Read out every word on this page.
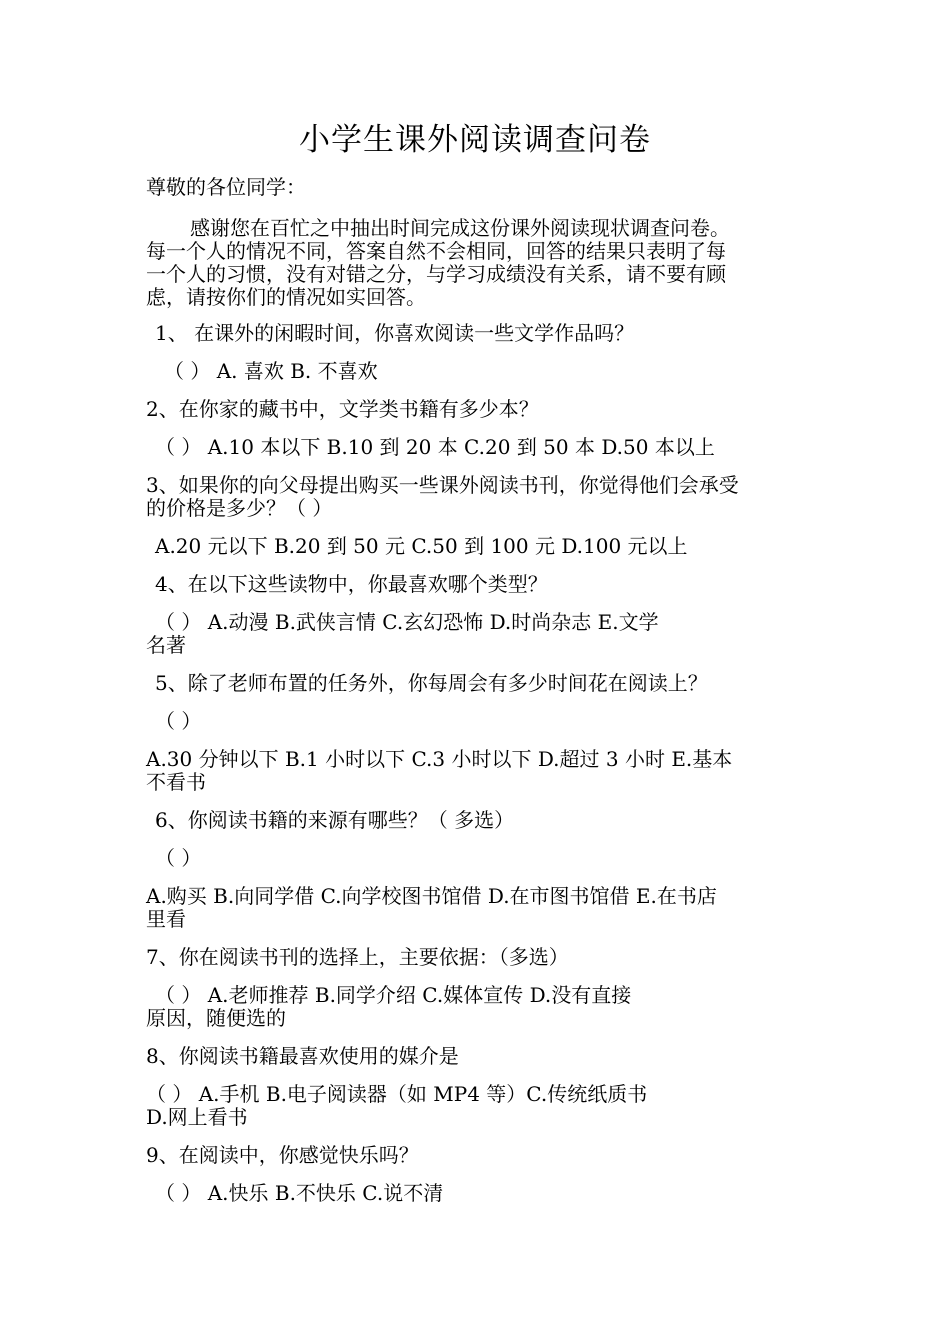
小学生课外阅读调查问卷
尊敬的各位同学：
感谢您在百忙之中抽出时间完成这份课外阅读现状调查问卷。
每一个人的情况不同，答案自然不会相同，回答的结果只表明了每
一个人的习惯，没有对错之分，与学习成绩没有关系，请不要有顾
虑，请按你们的情况如实回答。
1、 在课外的闲暇时间，你喜欢阅读一些文学作品吗？
（ ） A. 喜欢 B. 不喜欢
2、在你家的藏书中，文学类书籍有多少本？
（ ） A.10 本以下 B.10 到 20 本 C.20 到 50 本 D.50 本以上
3、如果你的向父母提出购买一些课外阅读书刊，你觉得他们会承受
的价格是多少？（ ）
A.20 元以下 B.20 到 50 元 C.50 到 100 元 D.100 元以上
4、在以下这些读物中，你最喜欢哪个类型？
（ ） A.动漫 B.武侠言情 C.玄幻恐怖 D.时尚杂志 E.文学
名著
5、除了老师布置的任务外，你每周会有多少时间花在阅读上？
（ ）
A.30 分钟以下 B.1 小时以下 C.3 小时以下 D.超过 3 小时 E.基本
不看书
6、你阅读书籍的来源有哪些？（ 多选）
（ ）
A.购买 B.向同学借 C.向学校图书馆借 D.在市图书馆借 E.在书店
里看
7、你在阅读书刊的选择上，主要依据：（多选）
（ ） A.老师推荐 B.同学介绍 C.媒体宣传 D.没有直接
原因，随便选的
8、你阅读书籍最喜欢使用的媒介是
（ ） A.手机 B.电子阅读器（如 MP4 等）C.传统纸质书
D.网上看书
9、在阅读中，你感觉快乐吗？
（ ） A.快乐 B.不快乐 C.说不清
